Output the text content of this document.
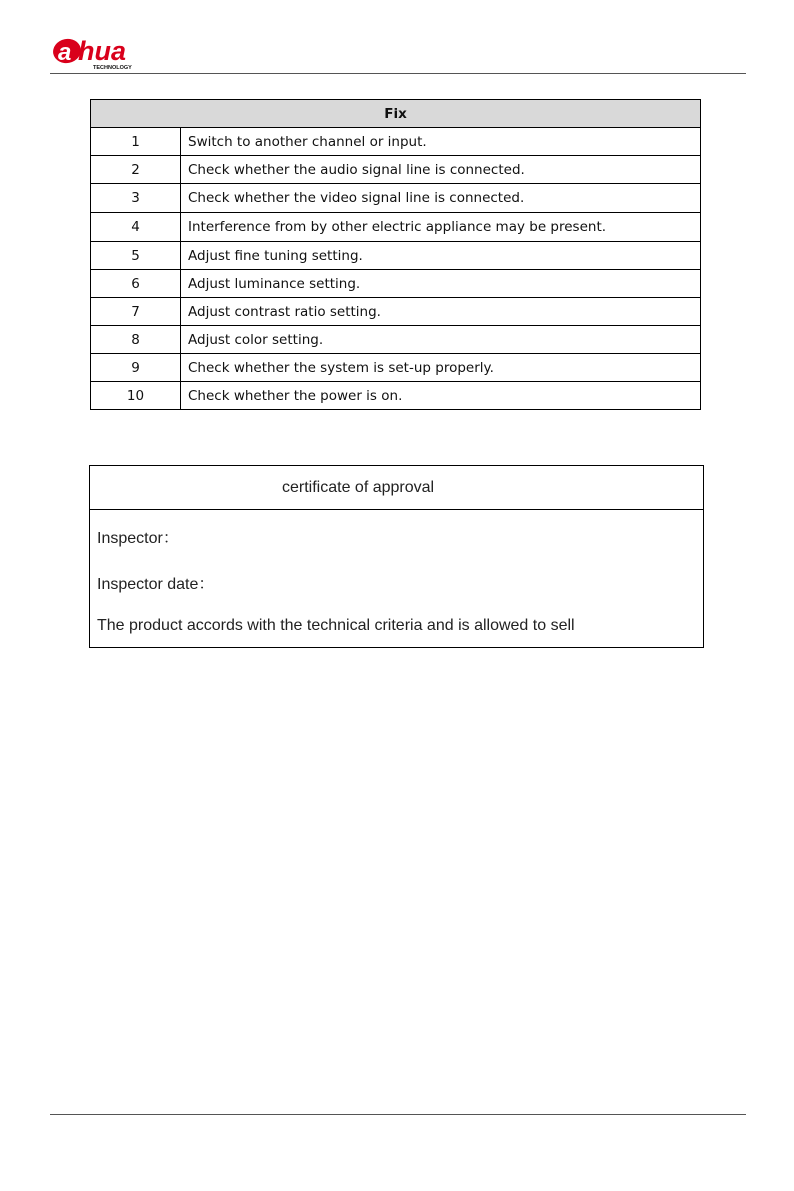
a hua
TECHNOLOGY
Fix	
1	Switch to another channel or input.
2	Check whether the audio signal line is connected.
3	Check whether the video signal line is connected.
4	Interference from by other electric appliance may be present.
5	Adjust fine tuning setting.
6	Adjust luminance setting.
7	Adjust contrast ratio setting.
8	Adjust color setting.
9	Check whether the system is set-up properly.
10	Check whether the power is on.
certificate of approval
Inspector：
Inspector date：
The product accords with the technical criteria and is allowed to sell
